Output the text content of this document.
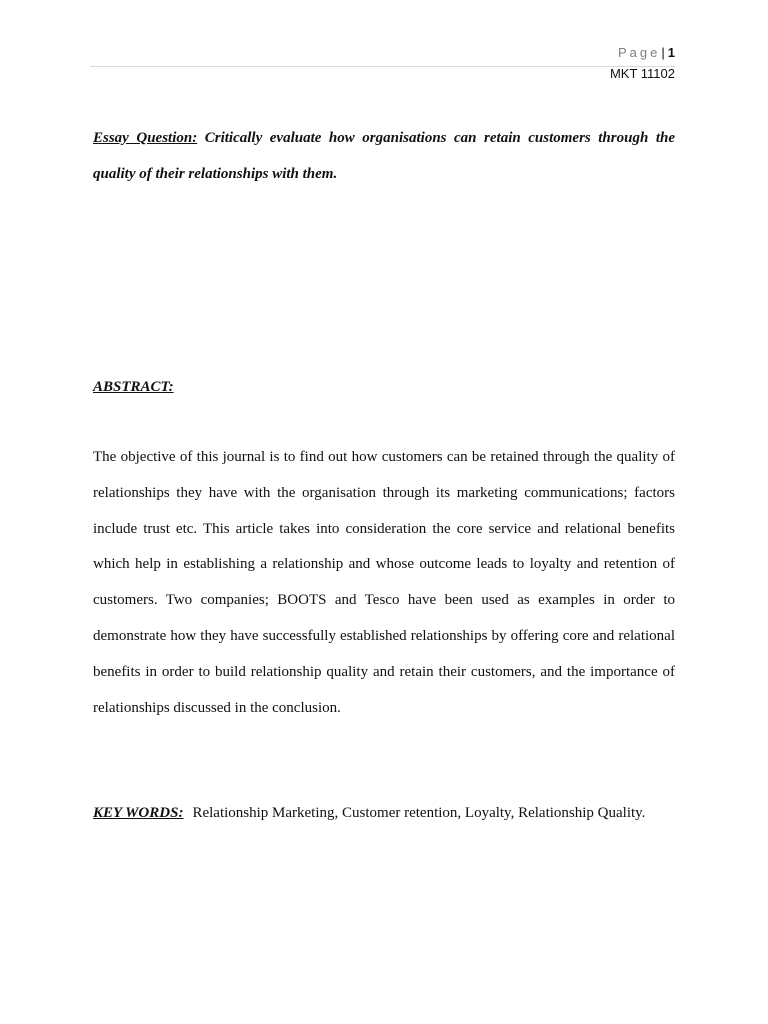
Page| 1
MKT 11102
Essay Question: Critically evaluate how organisations can retain customers through the quality of their relationships with them.
ABSTRACT:
The objective of this journal is to find out how customers can be retained through the quality of relationships they have with the organisation through its marketing communications; factors include trust etc. This article takes into consideration the core service and relational benefits which help in establishing a relationship and whose outcome leads to loyalty and retention of customers. Two companies; BOOTS and Tesco have been used as examples in order to demonstrate how they have successfully established relationships by offering core and relational benefits in order to build relationship quality and retain their customers, and the importance of relationships discussed in the conclusion.
KEY WORDS: Relationship Marketing, Customer retention, Loyalty, Relationship Quality.
